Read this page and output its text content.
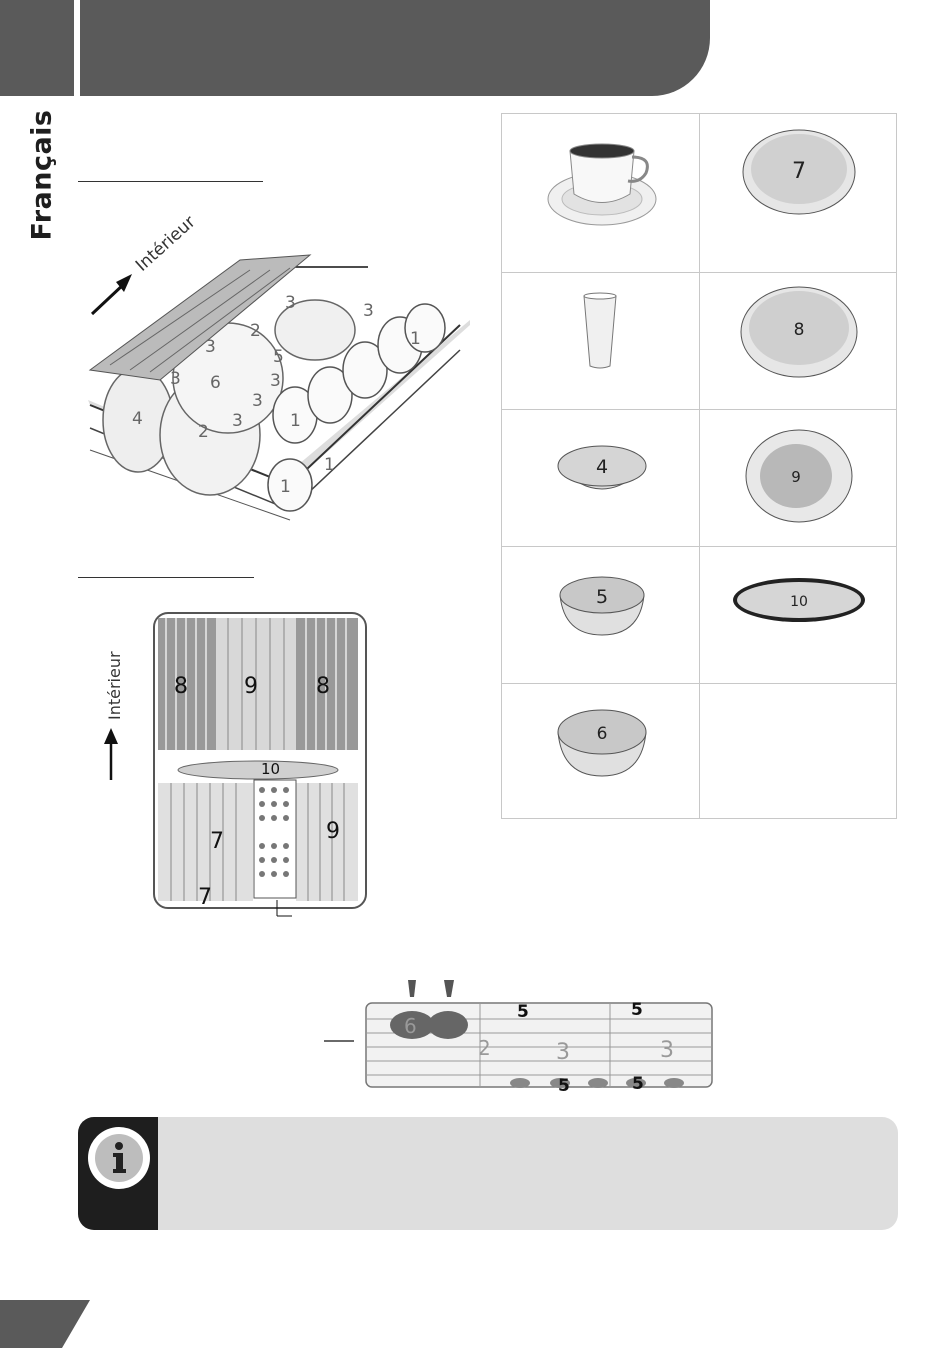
Français
Intérieur
4
2
6
3
3
3
5
3
1
1
1
1
3
3
2
3
Intérieur 8	9	8
10
7	9
7
7
8
4	9
5	10
6
6
2	3	3
5	5
5	5
